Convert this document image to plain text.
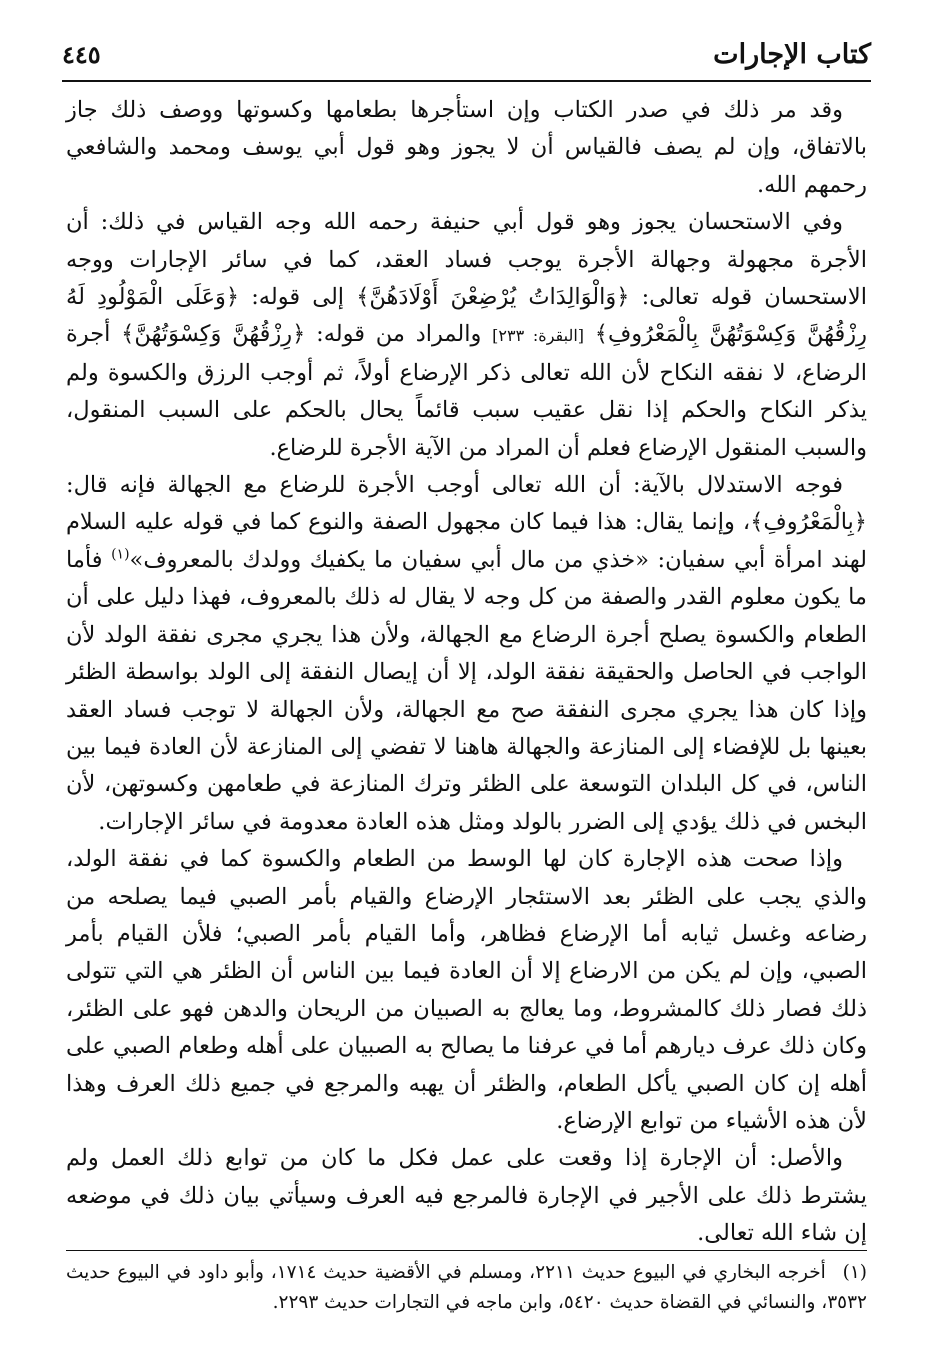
كتاب الإجارات
٤٤٥

وقد مر ذلك في صدر الكتاب وإن استأجرها بطعامها وكسوتها ووصف ذلك جاز بالاتفاق، وإن لم يصف فالقياس أن لا يجوز وهو قول أبي يوسف ومحمد والشافعي رحمهم الله.

وفي الاستحسان يجوز وهو قول أبي حنيفة رحمه الله وجه القياس في ذلك: أن الأجرة مجهولة وجهالة الأجرة يوجب فساد العقد، كما في سائر الإجارات ووجه الاستحسان قوله تعالى: ﴿وَالْوَالِدَاتُ يُرْضِعْنَ أَوْلَادَهُنَّ﴾ إلى قوله: ﴿وَعَلَى الْمَوْلُودِ لَهُ رِزْقُهُنَّ وَكِسْوَتُهُنَّ بِالْمَعْرُوفِ﴾ [البقرة: ٢٣٣] والمراد من قوله: ﴿رِزْقُهُنَّ وَكِسْوَتُهُنَّ﴾ أجرة الرضاع، لا نفقه النكاح لأن الله تعالى ذكر الإرضاع أولاً، ثم أوجب الرزق والكسوة ولم يذكر النكاح والحكم إذا نقل عقيب سبب قائماً يحال بالحكم على السبب المنقول، والسبب المنقول الإرضاع فعلم أن المراد من الآية الأجرة للرضاع.

فوجه الاستدلال بالآية: أن الله تعالى أوجب الأجرة للرضاع مع الجهالة فإنه قال: ﴿بِالْمَعْرُوفِ﴾، وإنما يقال: هذا فيما كان مجهول الصفة والنوع كما في قوله عليه السلام لهند امرأة أبي سفيان: «خذي من مال أبي سفيان ما يكفيك وولدك بالمعروف»$^{(١)}$ فأما ما يكون معلوم القدر والصفة من كل وجه لا يقال له ذلك بالمعروف، فهذا دليل على أن الطعام والكسوة يصلح أجرة الرضاع مع الجهالة، ولأن هذا يجري مجرى نفقة الولد لأن الواجب في الحاصل والحقيقة نفقة الولد، إلا أن إيصال النفقة إلى الولد بواسطة الظئر وإذا كان هذا يجري مجرى النفقة صح مع الجهالة، ولأن الجهالة لا توجب فساد العقد بعينها بل للإفضاء إلى المنازعة والجهالة هاهنا لا تفضي إلى المنازعة لأن العادة فيما بين الناس، في كل البلدان التوسعة على الظئر وترك المنازعة في طعامهن وكسوتهن، لأن البخس في ذلك يؤدي إلى الضرر بالولد ومثل هذه العادة معدومة في سائر الإجارات.

وإذا صحت هذه الإجارة كان لها الوسط من الطعام والكسوة كما في نفقة الولد، والذي يجب على الظئر بعد الاستئجار الإرضاع والقيام بأمر الصبي فيما يصلحه من رضاعه وغسل ثيابه أما الإرضاع فظاهر، وأما القيام بأمر الصبي؛ فلأن القيام بأمر الصبي، وإن لم يكن من الارضاع إلا أن العادة فيما بين الناس أن الظئر هي التي تتولى ذلك فصار ذلك كالمشروط، وما يعالج به الصبيان من الريحان والدهن فهو على الظئر، وكان ذلك عرف ديارهم أما في عرفنا ما يصالح به الصبيان على أهله وطعام الصبي على أهله إن كان الصبي يأكل الطعام، والظئر أن يهبه والمرجع في جميع ذلك العرف وهذا لأن هذه الأشياء من توابع الإرضاع.

والأصل: أن الإجارة إذا وقعت على عمل فكل ما كان من توابع ذلك العمل ولم يشترط ذلك على الأجير في الإجارة فالمرجع فيه العرف وسيأتي بيان ذلك في موضعه إن شاء الله تعالى.

(١) أخرجه البخاري في البيوع حديث ٢٢١١، ومسلم في الأقضية حديث ١٧١٤، وأبو داود في البيوع حديث ٣٥٣٢، والنسائي في القضاة حديث ٥٤٢٠، وابن ماجه في التجارات حديث ٢٢٩٣.
